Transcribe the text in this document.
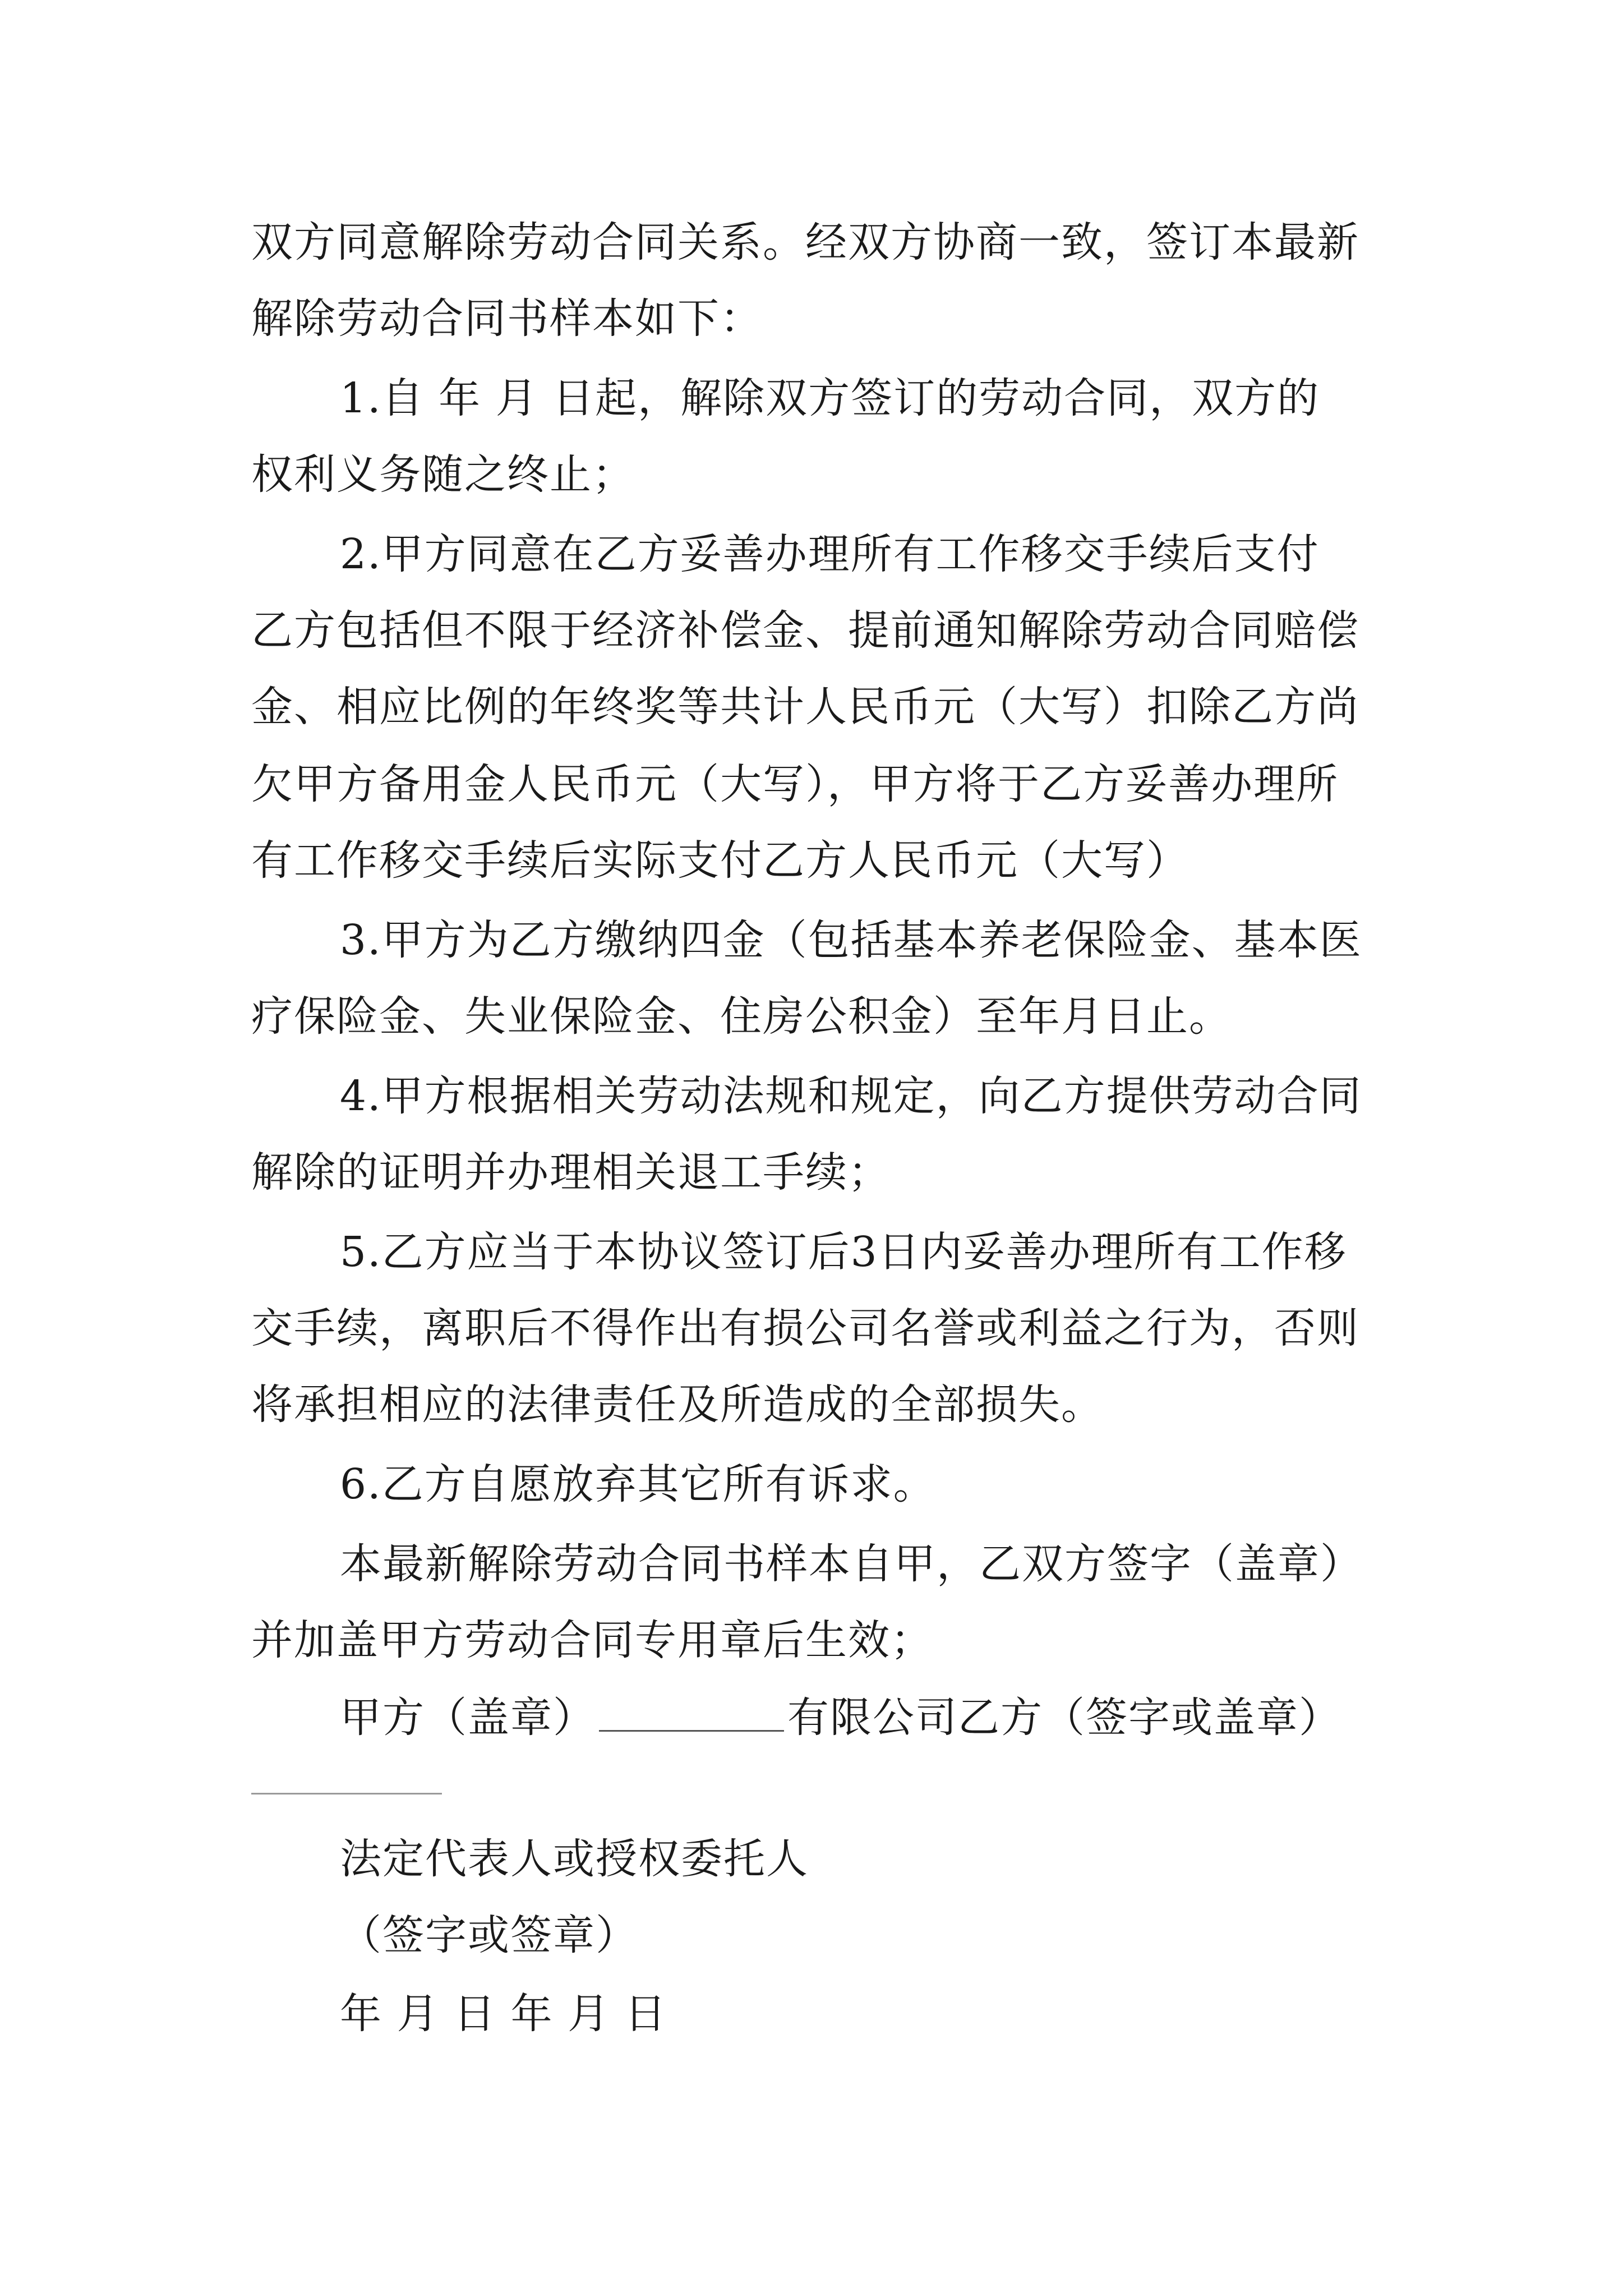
双方同意解除劳动合同关系。经双方协商一致，签订本最新
解除劳动合同书样本如下：
1.自 年 月 日起，解除双方签订的劳动合同，双方的
权利义务随之终止；
2.甲方同意在乙方妥善办理所有工作移交手续后支付
乙方包括但不限于经济补偿金、提前通知解除劳动合同赔偿
金、相应比例的年终奖等共计人民币元（大写）扣除乙方尚
欠甲方备用金人民币元（大写），甲方将于乙方妥善办理所
有工作移交手续后实际支付乙方人民币元（大写）
3.甲方为乙方缴纳四金（包括基本养老保险金、基本医
疗保险金、失业保险金、住房公积金）至年月日止。
4.甲方根据相关劳动法规和规定，向乙方提供劳动合同
解除的证明并办理相关退工手续；
5.乙方应当于本协议签订后3日内妥善办理所有工作移
交手续，离职后不得作出有损公司名誉或利益之行为，否则
将承担相应的法律责任及所造成的全部损失。
6.乙方自愿放弃其它所有诉求。
本最新解除劳动合同书样本自甲，乙双方签字（盖章）
并加盖甲方劳动合同专用章后生效；
甲方（盖章）	有限公司乙方（签字或盖章）
法定代表人或授权委托人
（签字或签章）
年 月 日 年 月 日
